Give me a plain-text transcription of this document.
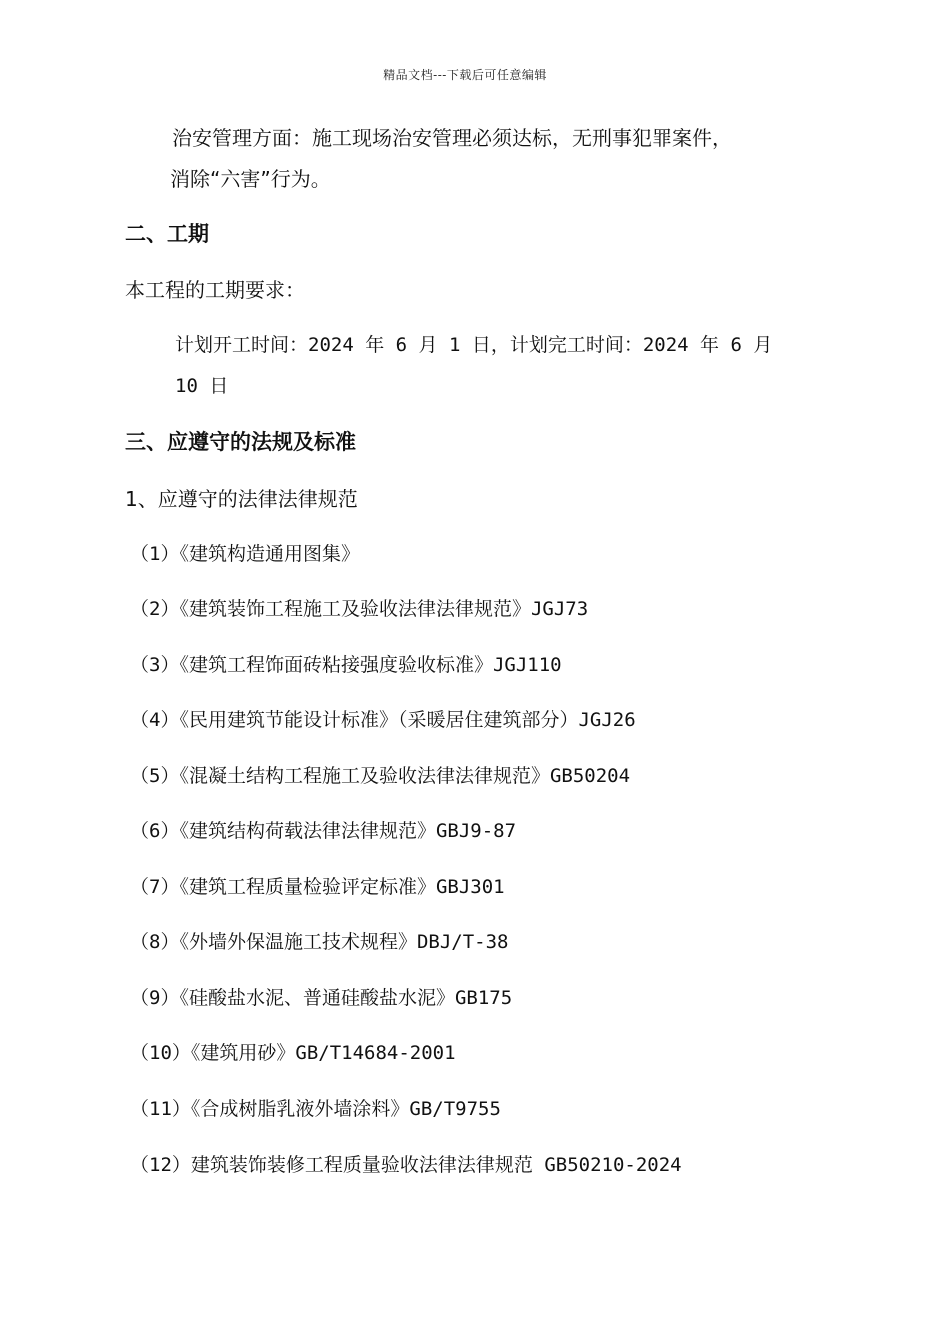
精品文档---下载后可任意编辑
治安管理方面：施工现场治安管理必须达标，无刑事犯罪案件，
消除“六害”行为。
二、工期
本工程的工期要求：
计划开工时间：2024 年 6 月 1 日，计划完工时间：2024 年 6 月
10 日
三、应遵守的法规及标准
1、应遵守的法律法律规范
（1）《建筑构造通用图集》
（2）《建筑装饰工程施工及验收法律法律规范》JGJ73
（3）《建筑工程饰面砖粘接强度验收标准》JGJ110
（4）《民用建筑节能设计标准》（采暖居住建筑部分）JGJ26
（5）《混凝土结构工程施工及验收法律法律规范》GB50204
（6）《建筑结构荷载法律法律规范》GBJ9-87
（7）《建筑工程质量检验评定标准》GBJ301
（8）《外墙外保温施工技术规程》DBJ/T-38
（9）《硅酸盐水泥、普通硅酸盐水泥》GB175
（10）《建筑用砂》GB/T14684-2001
（11）《合成树脂乳液外墙涂料》GB/T9755
（12）建筑装饰装修工程质量验收法律法律规范 GB50210-2024
